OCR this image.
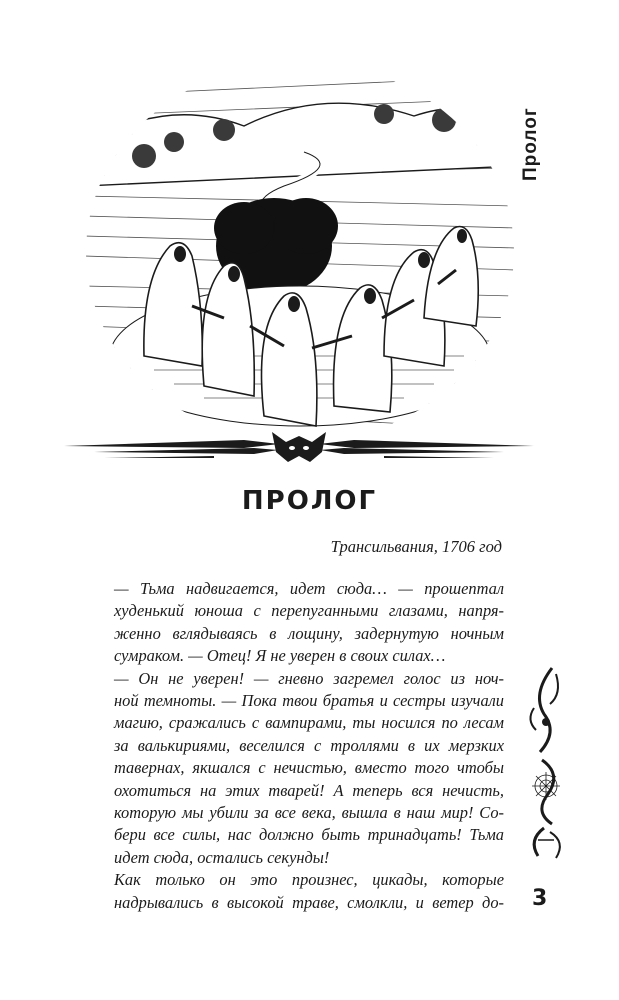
Пролог
ПРОЛОГ
Трансильвания, 1706 год

— Тьма надвигается, идет сюда… — прошептал
худенький юноша с перепуганными глазами, напря-
женно вглядываясь в лощину, задернутую ночным
сумраком. — Отец! Я не уверен в своих силах…

— Он не уверен! — гневно загремел голос из ноч-
ной темноты. — Пока твои братья и сестры изучали
магию, сражались с вампирами, ты носился по лесам
за валькириями, веселился с троллями в их мерзких
тавернах, якшался с нечистью, вместо того чтобы
охотиться на этих тварей! А теперь вся нечисть,
которую мы убили за все века, вышла в наш мир! Со-
бери все силы, нас должно быть тринадцать! Тьма
идет сюда, остались секунды!

Как только он это произнес, цикады, которые
надрывались в высокой траве, смолкли, и ветер до- 3
